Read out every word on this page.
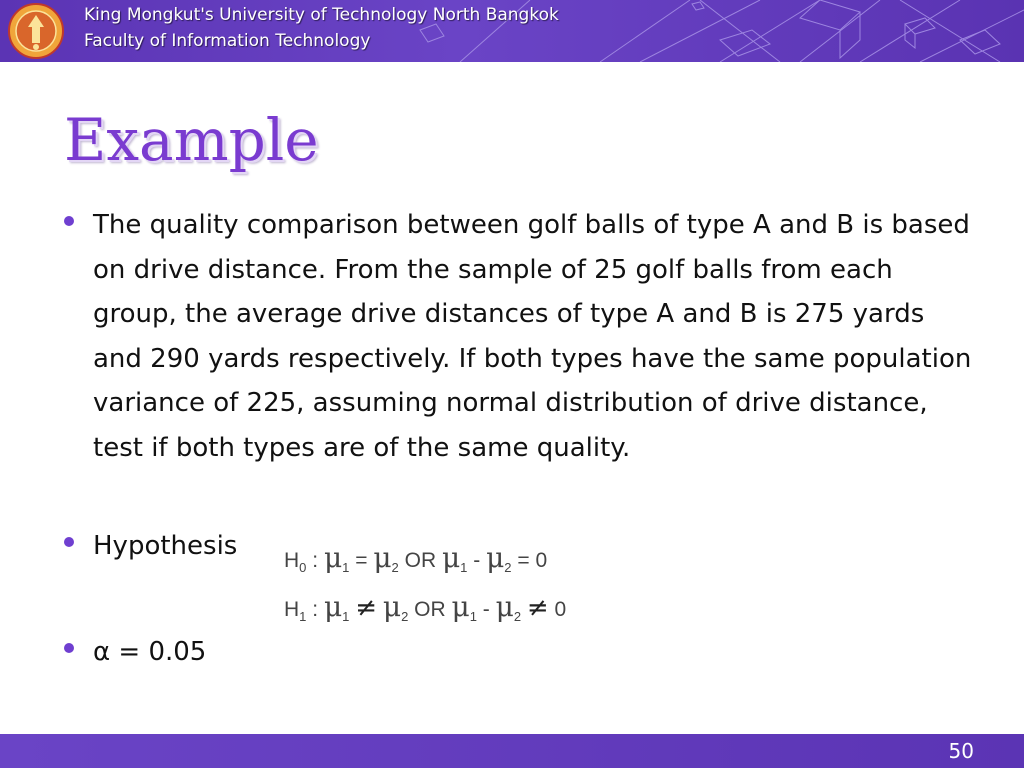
King Mongkut's University of Technology North Bangkok
Faculty of Information Technology
Example
The quality comparison between golf balls of type A and B is based on drive distance. From the sample of 25 golf balls from each group, the average drive distances of type A and B is 275 yards and 290 yards respectively. If both types have the same population variance of 225, assuming normal distribution of drive distance, test if both types are of the same quality.
Hypothesis $H_0$ : $\mu_1 = \mu_2$ OR $\mu_1 - \mu_2 = 0$
$H_1$ : $\mu_1 \ne \mu_2$ OR $\mu_1 - \mu_2 \ne 0$
α = 0.05
50
